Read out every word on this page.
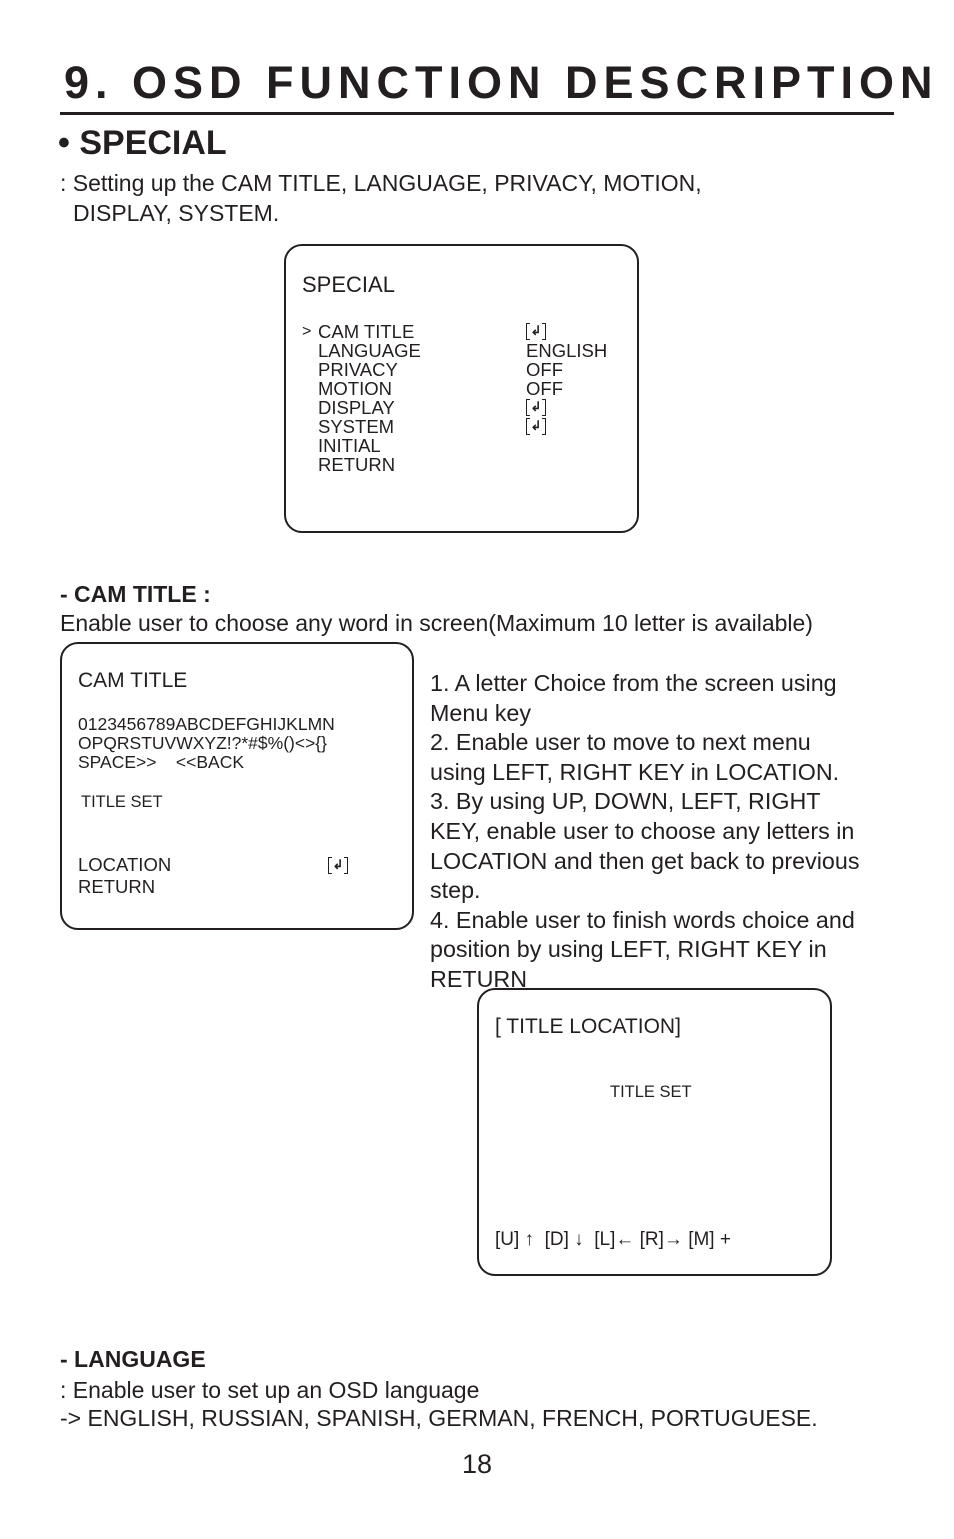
9. OSD FUNCTION DESCRIPTION
• SPECIAL
: Setting up the CAM TITLE, LANGUAGE, PRIVACY, MOTION,
DISPLAY, SYSTEM.
SPECIAL
> CAM TITLE	↲
LANGUAGE	ENGLISH
PRIVACY	OFF
MOTION	OFF
DISPLAY	↲
SYSTEM	↲
INITIAL
RETURN
- CAM TITLE :
Enable user to choose any word in screen(Maximum 10 letter is available)
CAM TITLE
0123456789ABCDEFGHIJKLMN
OPQRSTUVWXYZ!?*#$%()<>{}
SPACE>>    <<BACK
TITLE SET
LOCATION	↲
RETURN
1. A letter Choice from the screen using
Menu key
2. Enable user to move to next menu
using LEFT, RIGHT KEY in LOCATION.
3. By using UP, DOWN, LEFT, RIGHT
KEY, enable user to choose any letters in
LOCATION and then get back to previous
step.
4. Enable user to finish words choice and
position by using LEFT, RIGHT KEY in
RETURN
[ TITLE LOCATION]
TITLE SET
[U] ↑  [D] ↓  [L]← [R]→ [M] +
- LANGUAGE
: Enable user to set up an OSD language
-> ENGLISH, RUSSIAN, SPANISH, GERMAN, FRENCH, PORTUGUESE.
18
